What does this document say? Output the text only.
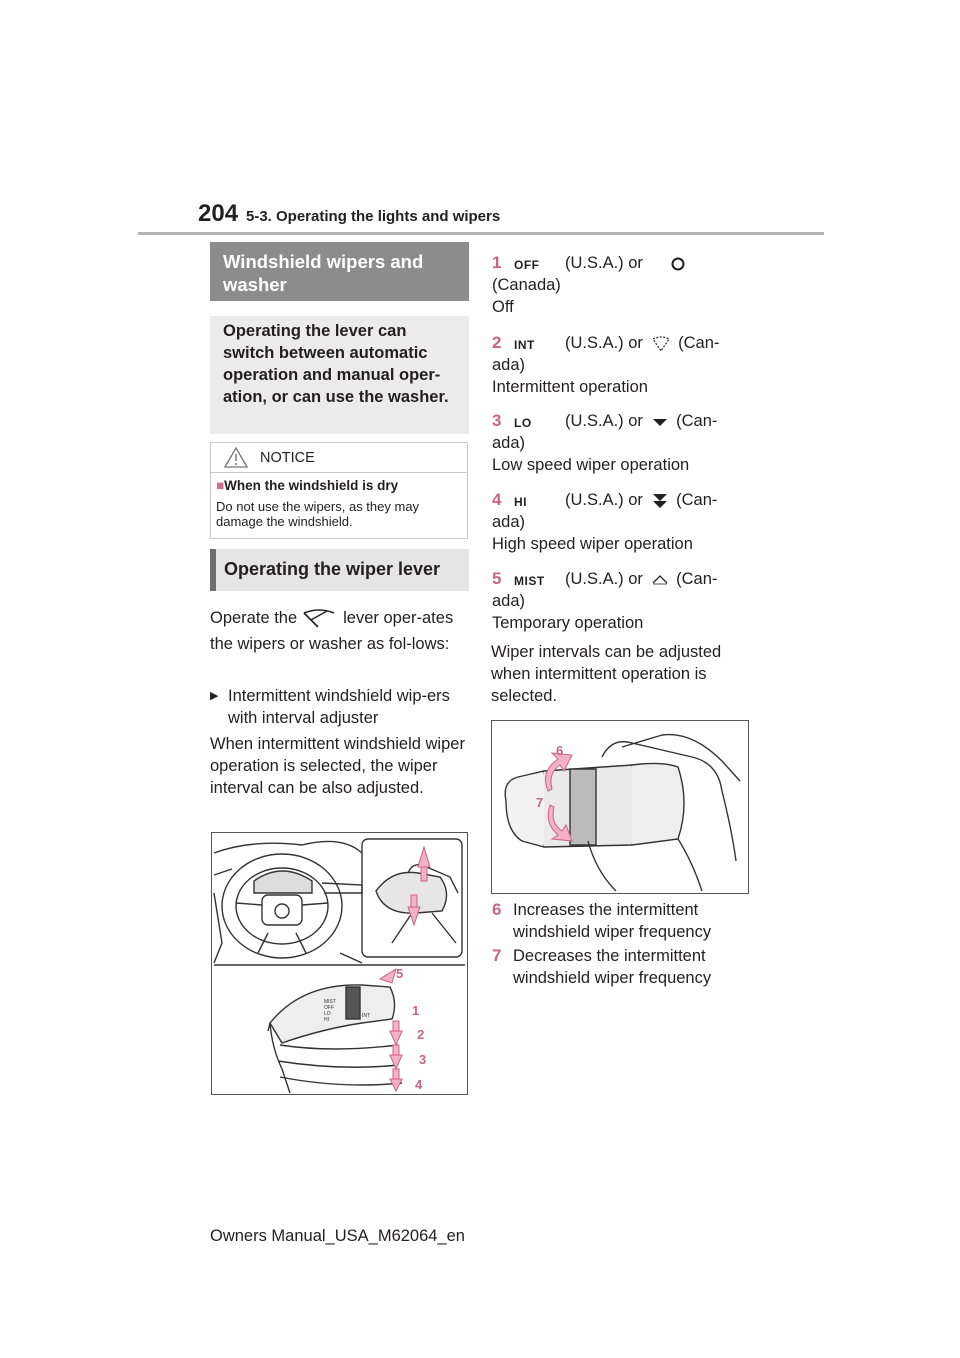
204 5-3. Operating the lights and wipers
Windshield wipers and washer
Operating the lever can switch between automatic operation and manual oper-ation, or can use the washer.
NOTICE
■When the windshield is dry
Do not use the wipers, as they may damage the windshield.
Operating the wiper lever
Operate the	lever oper-ates the wipers or washer as fol-lows:
▶ Intermittent windshield wip-ers with interval adjuster
When intermittent windshield wiper operation is selected, the wiper interval can be also adjusted.
5
1
2
3
4
MIST
OFF
INT
LO
HI
1 OFF (U.S.A.) or
(Canada)
Off
2 INT (U.S.A.) or (Can-
ada)
Intermittent operation
3 LO (U.S.A.) or (Can-
ada)
Low speed wiper operation
4 HI (U.S.A.) or (Can-
ada)
High speed wiper operation
5 MIST (U.S.A.) or (Can-
ada)
Temporary operation
Wiper intervals can be adjusted when intermittent operation is selected.
6
7
6 Increases the intermittent windshield wiper frequency
7 Decreases the intermittent windshield wiper frequency
Owners Manual_USA_M62064_en
